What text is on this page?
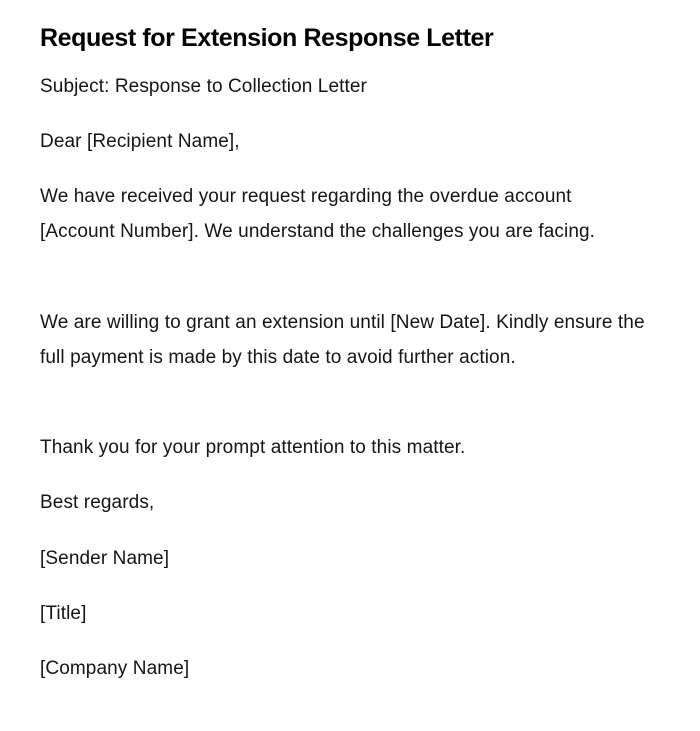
Request for Extension Response Letter

Subject: Response to Collection Letter

Dear [Recipient Name],

We have received your request regarding the overdue account [Account Number]. We understand the challenges you are facing.

We are willing to grant an extension until [New Date]. Kindly ensure the full payment is made by this date to avoid further action.

Thank you for your prompt attention to this matter.

Best regards,

[Sender Name]

[Title]

[Company Name]
